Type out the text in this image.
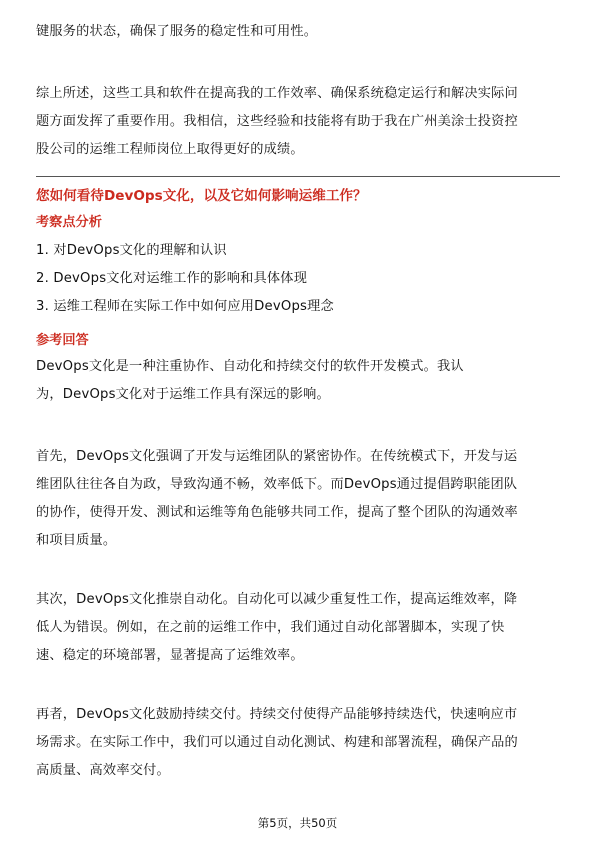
键服务的状态，确保了服务的稳定性和可用性。
综上所述，这些工具和软件在提高我的工作效率、确保系统稳定运行和解决实际问
题方面发挥了重要作用。我相信，这些经验和技能将有助于我在广州美涂士投资控
股公司的运维工程师岗位上取得更好的成绩。
您如何看待DevOps文化，以及它如何影响运维工作？
考察点分析
1. 对DevOps文化的理解和认识
2. DevOps文化对运维工作的影响和具体体现
3. 运维工程师在实际工作中如何应用DevOps理念
参考回答
DevOps文化是一种注重协作、自动化和持续交付的软件开发模式。我认
为，DevOps文化对于运维工作具有深远的影响。
首先，DevOps文化强调了开发与运维团队的紧密协作。在传统模式下，开发与运
维团队往往各自为政，导致沟通不畅，效率低下。而DevOps通过提倡跨职能团队
的协作，使得开发、测试和运维等角色能够共同工作，提高了整个团队的沟通效率
和项目质量。
其次，DevOps文化推崇自动化。自动化可以减少重复性工作，提高运维效率，降
低人为错误。例如，在之前的运维工作中，我们通过自动化部署脚本，实现了快
速、稳定的环境部署，显著提高了运维效率。
再者，DevOps文化鼓励持续交付。持续交付使得产品能够持续迭代，快速响应市
场需求。在实际工作中，我们可以通过自动化测试、构建和部署流程，确保产品的
高质量、高效率交付。
第5页，共50页
